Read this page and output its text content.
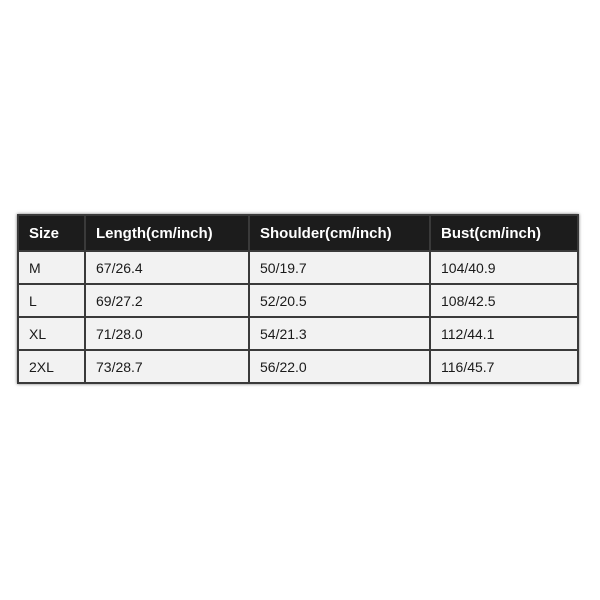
Size	Length(cm/inch)	Shoulder(cm/inch)	Bust(cm/inch)
M	67/26.4	50/19.7	104/40.9
L	69/27.2	52/20.5	108/42.5
XL	71/28.0	54/21.3	112/44.1
2XL	73/28.7	56/22.0	116/45.7
